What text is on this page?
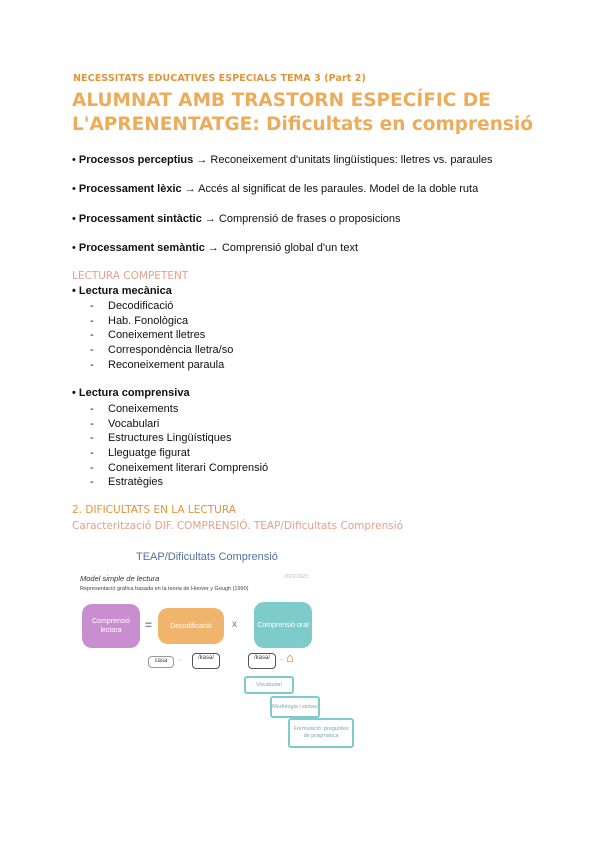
NECESSITATS EDUCATIVES ESPECIALS TEMA 3 (Part 2)
ALUMNAT AMB TRASTORN ESPECÍFIC DE
L'APRENENTATGE: Dificultats en comprensió
• Processos perceptius → Reconeixement d'unitats lingüístiques: lletres vs. paraules
• Processament lèxic → Accés al significat de les paraules. Model de la doble ruta
• Processament sintàctic → Comprensió de frases o proposicions
• Processament semàntic → Comprensió global d'un text
LECTURA COMPETENT
• Lectura mecànica
- Decodificació
- Hab. Fonològica
- Coneixement lletres
- Correspondència lletra/so
- Reconeixement paraula
• Lectura comprensiva
- Coneixements
- Vocabulari
- Estructures Lingüístiques
- Lleguatge figurat
- Coneixement literari Comprensió
- Estratègies
2. DIFICULTATS EN LA LECTURA
Caracterització DIF. COMPRENSIÓ. TEAP/Dificultats Comprensió
TEAP/Dificultats Comprensió
Model simple de lectura
Representació gràfica basada en la teoria de Hoover y Gough (1990)
2022-2023
Comprensió lectora	=	Decodificació	x	Comprensió oral
casa	→	/kasa/	/kasa/	→ ⌂
Vocabulari
Morfologia i sintaxi
Formulació: preguntes de pragmàtica
